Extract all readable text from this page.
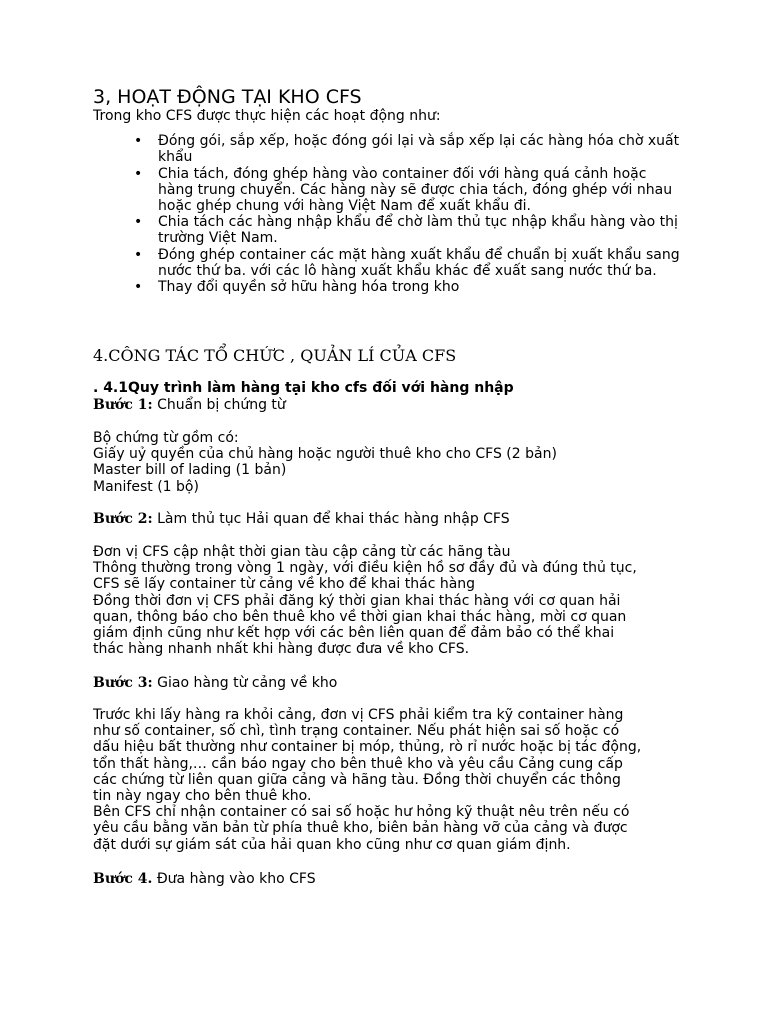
3, HOẠT ĐỘNG TẠI KHO CFS

Trong kho CFS được thực hiện các hoạt động như:

• Đóng gói, sắp xếp, hoặc đóng gói lại và sắp xếp lại các hàng hóa chờ xuất khẩu
• Chia tách, đóng ghép hàng vào container đối với hàng quá cảnh hoặc hàng trung chuyển. Các hàng này sẽ được chia tách, đóng ghép với nhau hoặc ghép chung với hàng Việt Nam để xuất khẩu đi.
• Chia tách các hàng nhập khẩu để chờ làm thủ tục nhập khẩu hàng vào thị trường Việt Nam.
• Đóng ghép container các mặt hàng xuất khẩu để chuẩn bị xuất khẩu sang nước thứ ba. với các lô hàng xuất khẩu khác để xuất sang nước thứ ba.
• Thay đổi quyền sở hữu hàng hóa trong kho
4.CÔNG TÁC TỔ CHỨC , QUẢN LÍ CỦA CFS

. 4.1Quy trình làm hàng tại kho cfs đối với hàng nhập

Bước 1: Chuẩn bị chứng từ

Bộ chứng từ gồm có:

Giấy uỷ quyền của chủ hàng hoặc người thuê kho cho CFS (2 bản)

Master bill of lading (1 bản)

Manifest (1 bộ)

Bước 2: Làm thủ tục Hải quan để khai thác hàng nhập CFS

Đơn vị CFS cập nhật thời gian tàu cập cảng từ các hãng tàu

Thông thường trong vòng 1 ngày, với điều kiện hồ sơ đầy đủ và đúng thủ tục,

CFS sẽ lấy container từ cảng về kho để khai thác hàng

Đồng thời đơn vị CFS phải đăng ký thời gian khai thác hàng với cơ quan hải

quan, thông báo cho bên thuê kho về thời gian khai thác hàng, mời cơ quan

giám định cũng như kết hợp với các bên liên quan để đảm bảo có thể khai

thác hàng nhanh nhất khi hàng được đưa về kho CFS.

Bước 3: Giao hàng từ cảng về kho

Trước khi lấy hàng ra khỏi cảng, đơn vị CFS phải kiểm tra kỹ container hàng

như số container, số chì, tình trạng container. Nếu phát hiện sai số hoặc có

dấu hiệu bất thường như container bị móp, thủng, rò rỉ nước hoặc bị tác động,

tổn thất hàng,… cần báo ngay cho bên thuê kho và yêu cầu Cảng cung cấp

các chứng từ liên quan giữa cảng và hãng tàu. Đồng thời chuyển các thông

tin này ngay cho bên thuê kho.

Bên CFS chỉ nhận container có sai số hoặc hư hỏng kỹ thuật nêu trên nếu có

yêu cầu bằng văn bản từ phía thuê kho, biên bản hàng vỡ của cảng và được

đặt dưới sự giám sát của hải quan kho cũng như cơ quan giám định.

Bước 4. Đưa hàng vào kho CFS
